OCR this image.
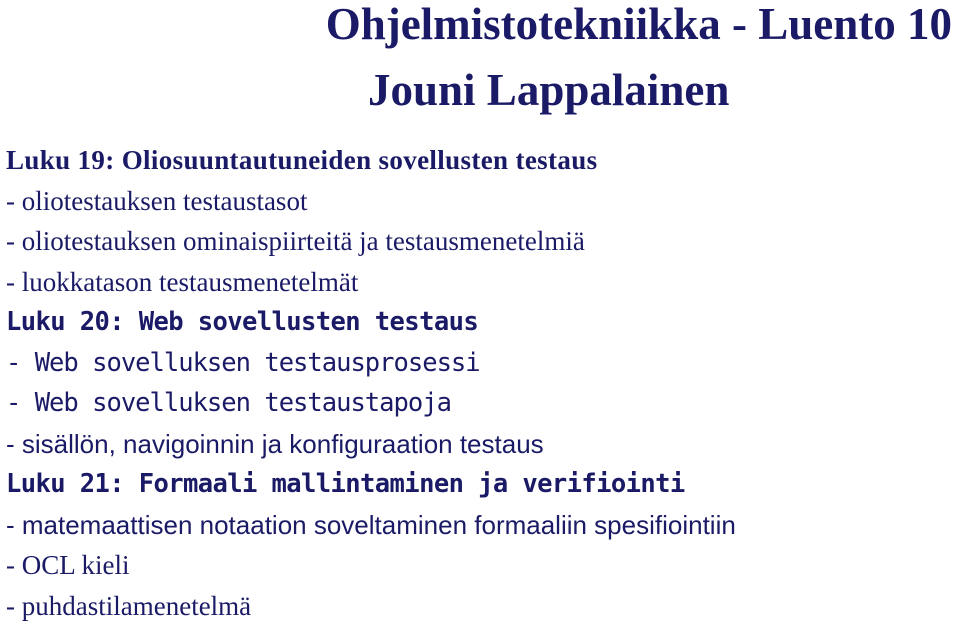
Ohjelmistotekniikka - Luento 10
Jouni Lappalainen
Luku 19: Oliosuuntautuneiden sovellusten testaus
- oliotestauksen testaustasot
- oliotestauksen ominaispiirteitä ja testausmenetelmiä
- luokkatason testausmenetelmät
Luku 20: Web sovellusten testaus
- Web sovelluksen testausprosessi
- Web sovelluksen testaustapoja
- sisällön, navigoinnin ja konfiguraation testaus
Luku 21: Formaali mallintaminen ja verifiointi
- matemaattisen notaation soveltaminen formaaliin spesifiointiin
- OCL kieli
- puhdastilamenetelmä
